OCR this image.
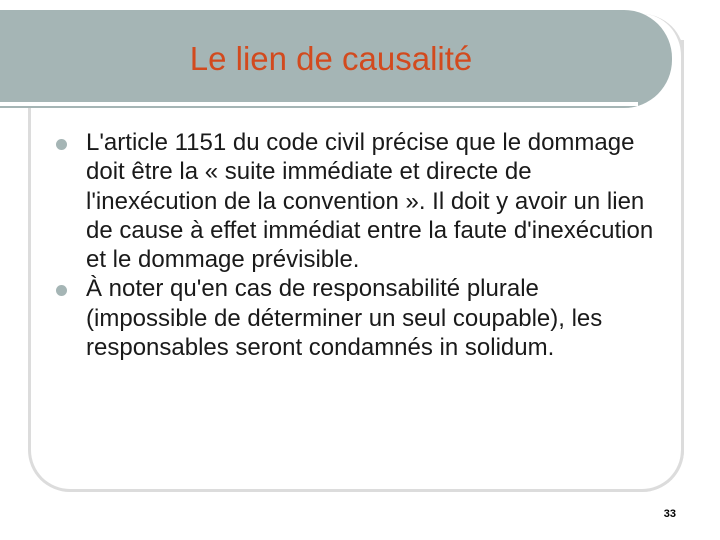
Le lien de causalité
L'article 1151 du code civil précise que le dommage doit être la « suite immédiate et directe de l'inexécution de la convention ». Il doit y avoir un lien de cause à effet immédiat entre la faute d'inexécution et le dommage prévisible.
À noter qu'en cas de responsabilité plurale (impossible de déterminer un seul coupable), les responsables seront condamnés in solidum.
33
